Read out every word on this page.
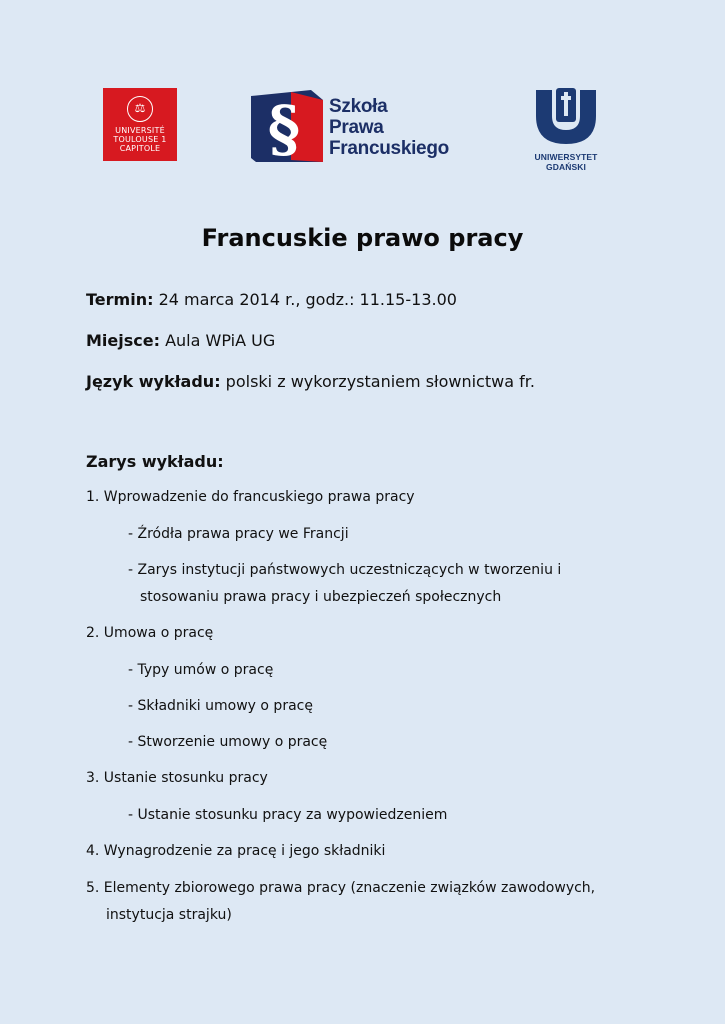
⚖
UNIVERSITÉ
TOULOUSE 1
CAPITOLE § Szkoła
Prawa
Francuskiego	UNIWERSYTET GDAŃSKI
Francuskie prawo pracy

Termin: 24 marca 2014 r., godz.: 11.15-13.00

Miejsce: Aula WPiA UG

Język wykładu: polski z wykorzystaniem słownictwa fr.

Zarys wykładu:

1. Wprowadzenie do francuskiego prawa pracy

- Źródła prawa pracy we Francji

- Zarys instytucji państwowych uczestniczących w tworzeniu i

stosowaniu prawa pracy i ubezpieczeń społecznych

2. Umowa o pracę

- Typy umów o pracę

- Składniki umowy o pracę

- Stworzenie umowy o pracę

3. Ustanie stosunku pracy

- Ustanie stosunku pracy za wypowiedzeniem

4. Wynagrodzenie za pracę i jego składniki

5. Elementy zbiorowego prawa pracy (znaczenie związków zawodowych,

instytucja strajku)
